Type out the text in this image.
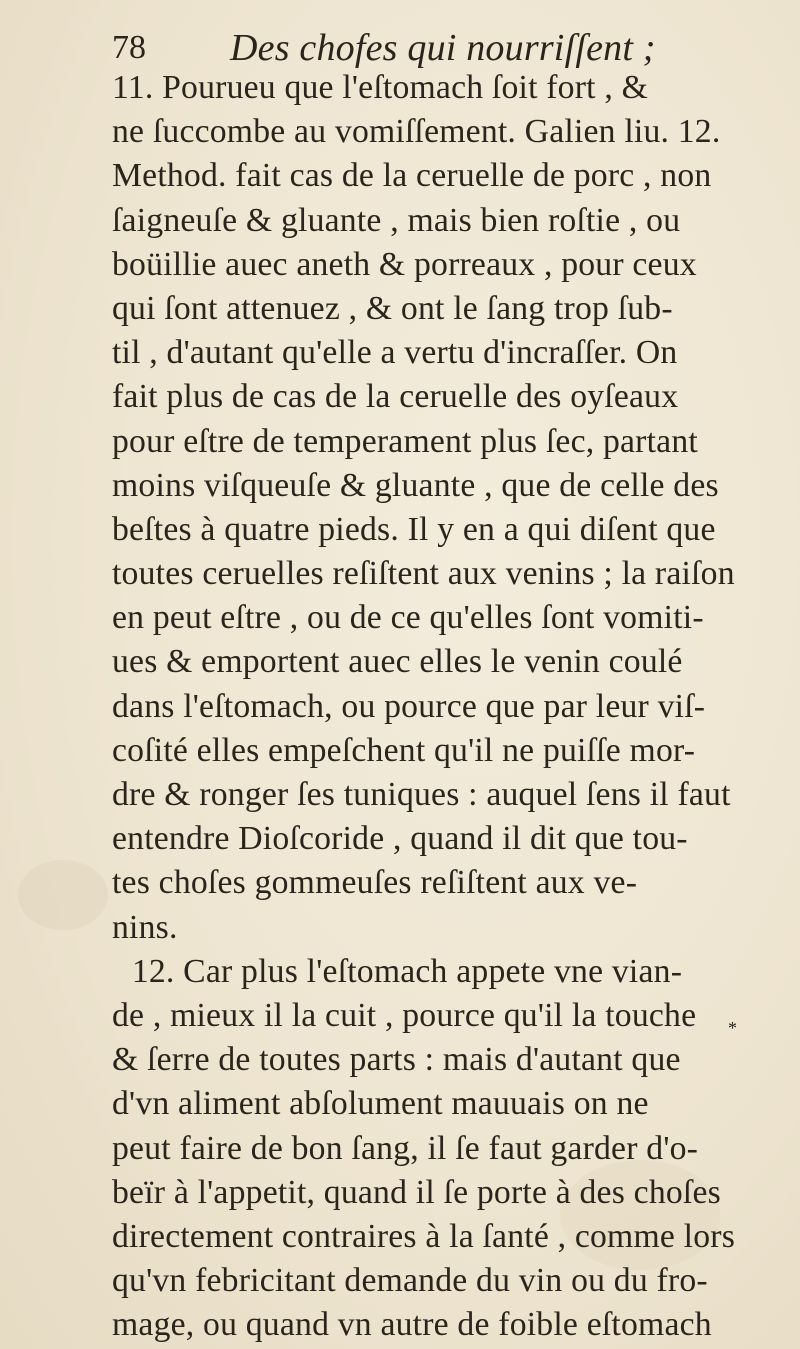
78 Des chofes qui nourriſſent ;
11. Pourueu que l'eſtomach ſoit fort , &
ne ſuccombe au vomiſſement. Galien liu. 12.
Method. fait cas de la ceruelle de porc , non
ſaigneuſe & gluante , mais bien roſtie , ou
boüillie auec aneth & porreaux , pour ceux
qui ſont attenuez , & ont le ſang trop ſub-
til , d'autant qu'elle a vertu d'incraſſer. On
fait plus de cas de la ceruelle des oyſeaux
pour eſtre de temperament plus ſec, partant
moins viſqueuſe & gluante , que de celle des
beſtes à quatre pieds. Il y en a qui diſent que
toutes ceruelles reſiſtent aux venins ; la raiſon
en peut eſtre , ou de ce qu'elles ſont vomiti-
ues & emportent auec elles le venin coulé
dans l'eſtomach, ou pource que par leur viſ-
coſité elles empeſchent qu'il ne puiſſe mor-
dre & ronger ſes tuniques : auquel ſens il faut
entendre Dioſcoride , quand il dit que tou-
tes choſes gommeuſes reſiſtent aux ve-
nins.
12. Car plus l'eſtomach appete vne vian-
de , mieux il la cuit , pource qu'il la touche
& ſerre de toutes parts : mais d'autant que
d'vn aliment abſolument mauuais on ne
peut faire de bon ſang, il ſe faut garder d'o-
beïr à l'appetit, quand il ſe porte à des choſes
directement contraires à la ſanté , comme lors
qu'vn febricitant demande du vin ou du fro-
mage, ou quand vn autre de foible eſtomach
*
